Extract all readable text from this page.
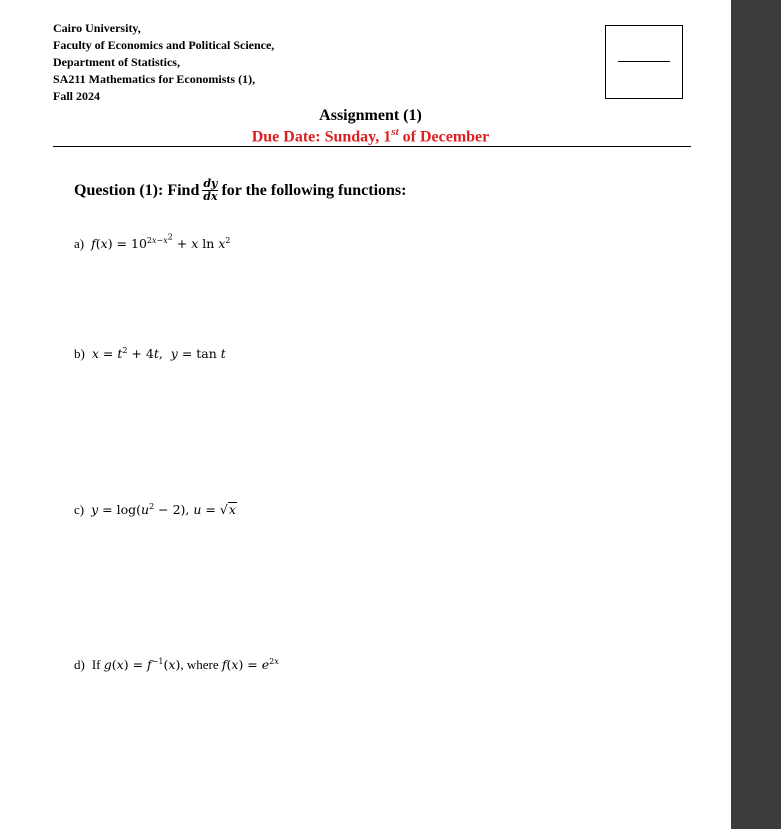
Cairo University,
Faculty of Economics and Political Science,
Department of Statistics,
SA211 Mathematics for Economists (1),
Fall 2024
Assignment (1)
Due Date: Sunday, 1st of December
Question (1): Find $\frac{dy}{dx}$ for the following functions:
a) $f(x) = 10^{2x-x^2} + x$ $\ln x^2$
b) $x = t^2 + 4t$,  y = tan t
c) $y = \log(u^2 - 2)$, u = √x
d) If $g(x) = f^{-1}(x)$, where $f(x) = e^{2x}$
